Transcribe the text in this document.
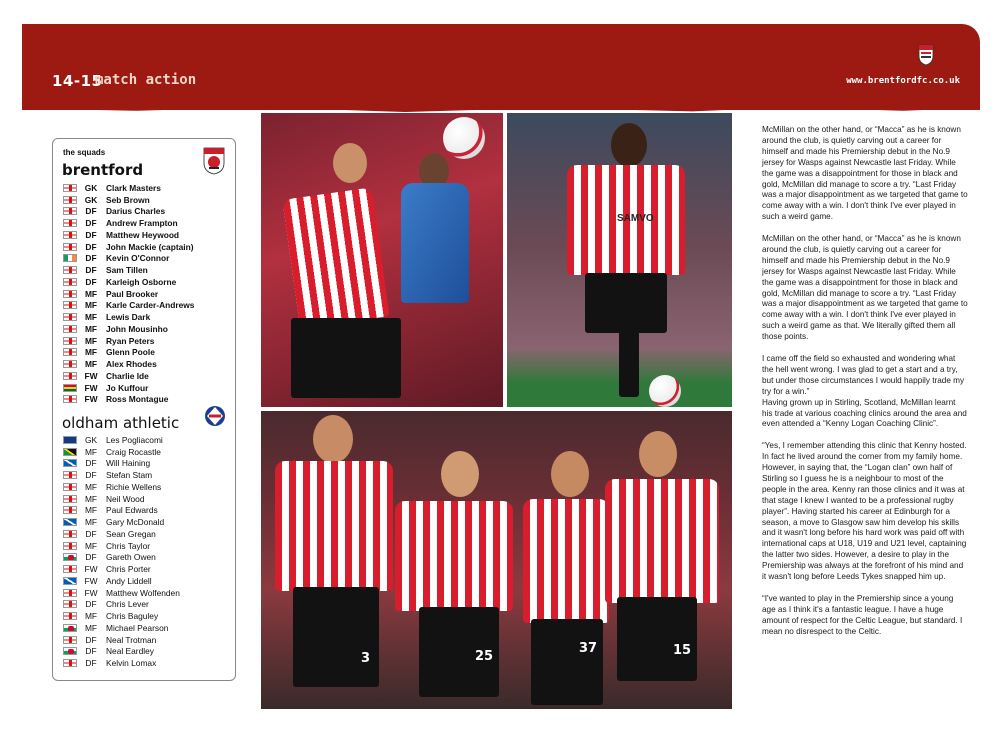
14-15
match action	www.brentfordfc.co.uk
the squads
brentford
GK	Clark Masters
GK	Seb Brown
DF	Darius Charles
DF	Andrew Frampton
DF	Matthew Heywood
DF	John Mackie (captain)
DF	Kevin O'Connor
DF	Sam Tillen
DF	Karleigh Osborne
MF	Paul Brooker
MF	Karle Carder-Andrews
MF	Lewis Dark
MF	John Mousinho
MF	Ryan Peters
MF	Glenn Poole
MF	Alex Rhodes
FW Charlie Ide
FW Jo Kuffour
FW Ross Montague
oldham athletic
GK	Les Pogliacomi
MF	Craig Rocastle
DF	Will Haining
DF	Stefan Stam
MF	Richie Wellens
MF	Neil Wood
MF	Paul Edwards
MF	Gary McDonald
DF	Sean Gregan
MF	Chris Taylor
DF	Gareth Owen
FW Chris Porter
FW Andy Liddell
FW Matthew Wolfenden
DF	Chris Lever
MF	Chris Baguley
MF	Michael Pearson
DF	Neal Trotman
DF	Neal Eardley
DF	Kelvin Lomax
SAMVO
3	25
37	15

McMillan on the other hand, or “Macca” as he is known around the club, is quietly carving out a career for himself and made his Premiership debut in the No.9 jersey for Wasps against Newcastle last Friday. While the game was a disappointment for those in black and gold, McMillan did manage to score a try. “Last Friday was a major disappointment as we targeted that game to come away with a win. I don't think I've ever played in such a weird game.

McMillan on the other hand, or “Macca” as he is known around the club, is quietly carving out a career for himself and made his Premiership debut in the No.9 jersey for Wasps against Newcastle last Friday. While the game was a disappointment for those in black and gold, McMillan did manage to score a try. “Last Friday was a major disappointment as we targeted that game to come away with a win. I don't think I've ever played in such a weird game as that. We literally gifted them all those points.

I came off the field so exhausted and wondering what the hell went wrong. I was glad to get a start and a try, but under those circumstances I would happily trade my try for a win.”
Having grown up in Stirling, Scotland, McMillan learnt his trade at various coaching clinics around the area and even attended a “Kenny Logan Coaching Clinic”.

“Yes, I remember attending this clinic that Kenny hosted. In fact he lived around the corner from my family home. However, in saying that, the “Logan clan” own half of Stirling so I guess he is a neighbour to most of the people in the area. Kenny ran those clinics and it was at that stage I knew I wanted to be a professional rugby player”. Having started his career at Edinburgh for a season, a move to Glasgow saw him develop his skills and it wasn't long before his hard work was paid off with international caps at U18, U19 and U21 level, captaining the latter two sides. However, a desire to play in the Premiership was always at the forefront of his mind and it wasn't long before Leeds Tykes snapped him up.

“I've wanted to play in the Premiership since a young age as I think it's a fantastic league. I have a huge amount of respect for the Celtic League, but standard. I mean no disrespect to the Celtic.
